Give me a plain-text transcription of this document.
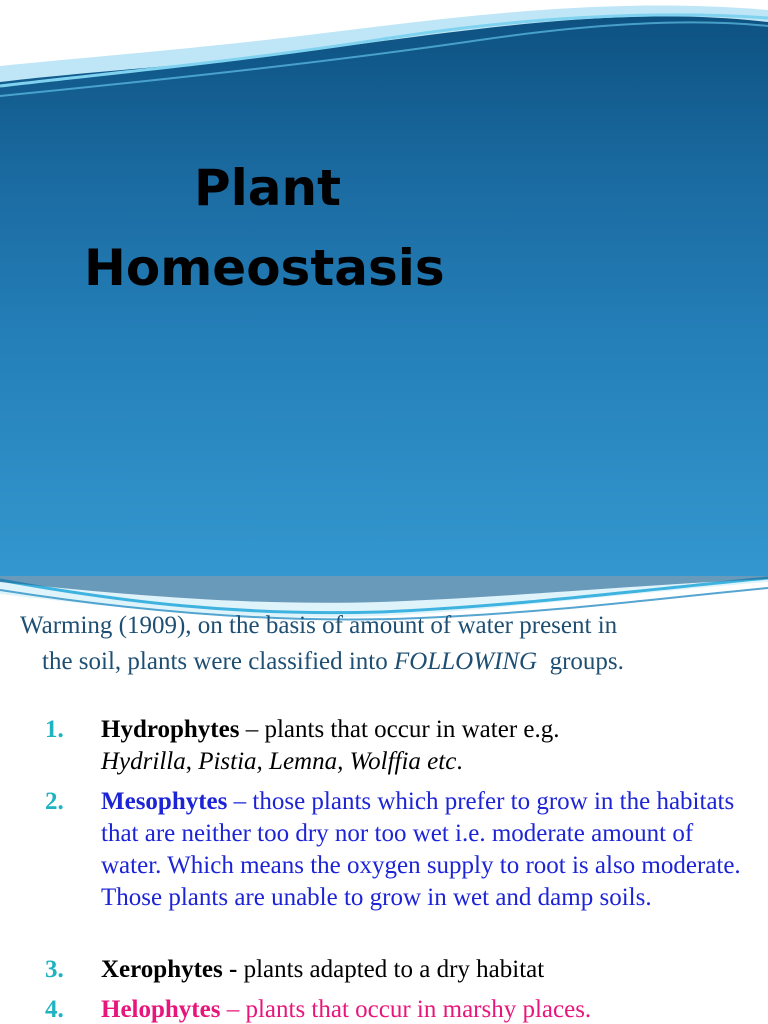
Plant
Homeostasis
Warming (1909), on the basis of amount of water present in
the soil, plants were classified into FOLLOWING  groups.
1. Hydrophytes – plants that occur in water e.g.
Hydrilla, Pistia, Lemna, Wolffia etc.
2. Mesophytes – those plants which prefer to grow in the habitats that are neither too dry nor too wet i.e. moderate amount of water. Which means the oxygen supply to root is also moderate. Those plants are unable to grow in wet and damp soils.
3. Xerophytes - plants adapted to a dry habitat
4. Helophytes – plants that occur in marshy places.
